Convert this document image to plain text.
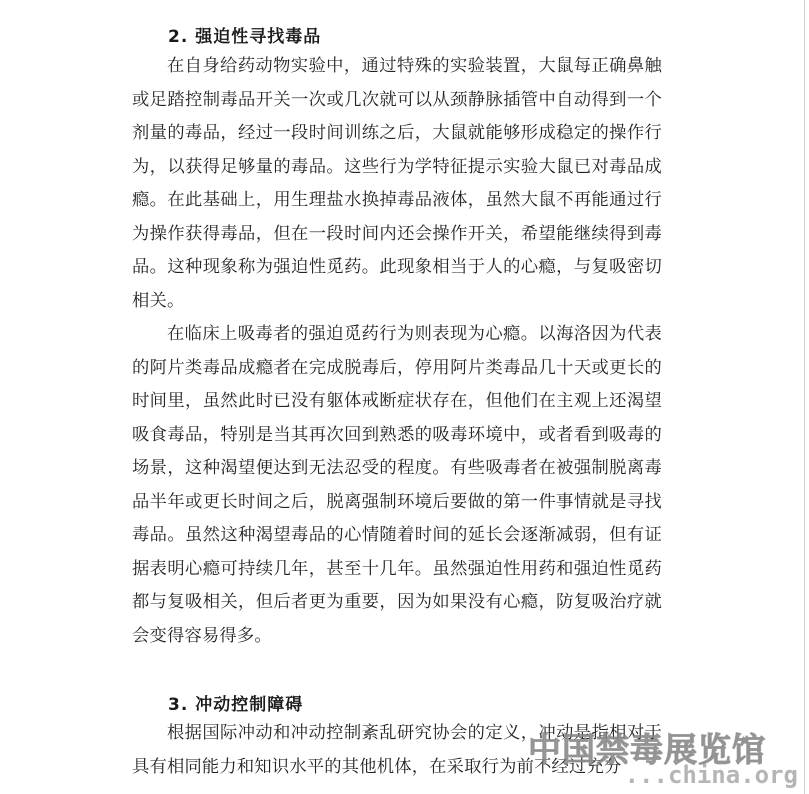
2. 强迫性寻找毒品

在自身给药动物实验中，通过特殊的实验装置，大鼠每正确鼻触或足踏控制毒品开关一次或几次就可以从颈静脉插管中自动得到一个剂量的毒品，经过一段时间训练之后，大鼠就能够形成稳定的操作行为，以获得足够量的毒品。这些行为学特征提示实验大鼠已对毒品成瘾。在此基础上，用生理盐水换掉毒品液体，虽然大鼠不再能通过行为操作获得毒品，但在一段时间内还会操作开关，希望能继续得到毒品。这种现象称为强迫性觅药。此现象相当于人的心瘾，与复吸密切相关。

在临床上吸毒者的强迫觅药行为则表现为心瘾。以海洛因为代表的阿片类毒品成瘾者在完成脱毒后，停用阿片类毒品几十天或更长的时间里，虽然此时已没有躯体戒断症状存在，但他们在主观上还渴望吸食毒品，特别是当其再次回到熟悉的吸毒环境中，或者看到吸毒的场景，这种渴望便达到无法忍受的程度。有些吸毒者在被强制脱离毒品半年或更长时间之后，脱离强制环境后要做的第一件事情就是寻找毒品。虽然这种渴望毒品的心情随着时间的延长会逐渐减弱，但有证据表明心瘾可持续几年，甚至十几年。虽然强迫性用药和强迫性觅药都与复吸相关，但后者更为重要，因为如果没有心瘾，防复吸治疗就会变得容易得多。

3. 冲动控制障碍

根据国际冲动和冲动控制紊乱研究协会的定义，冲动是指相对于具有相同能力和知识水平的其他机体，在采取行为前不经过充分

中国禁毒展览馆
...china.org
